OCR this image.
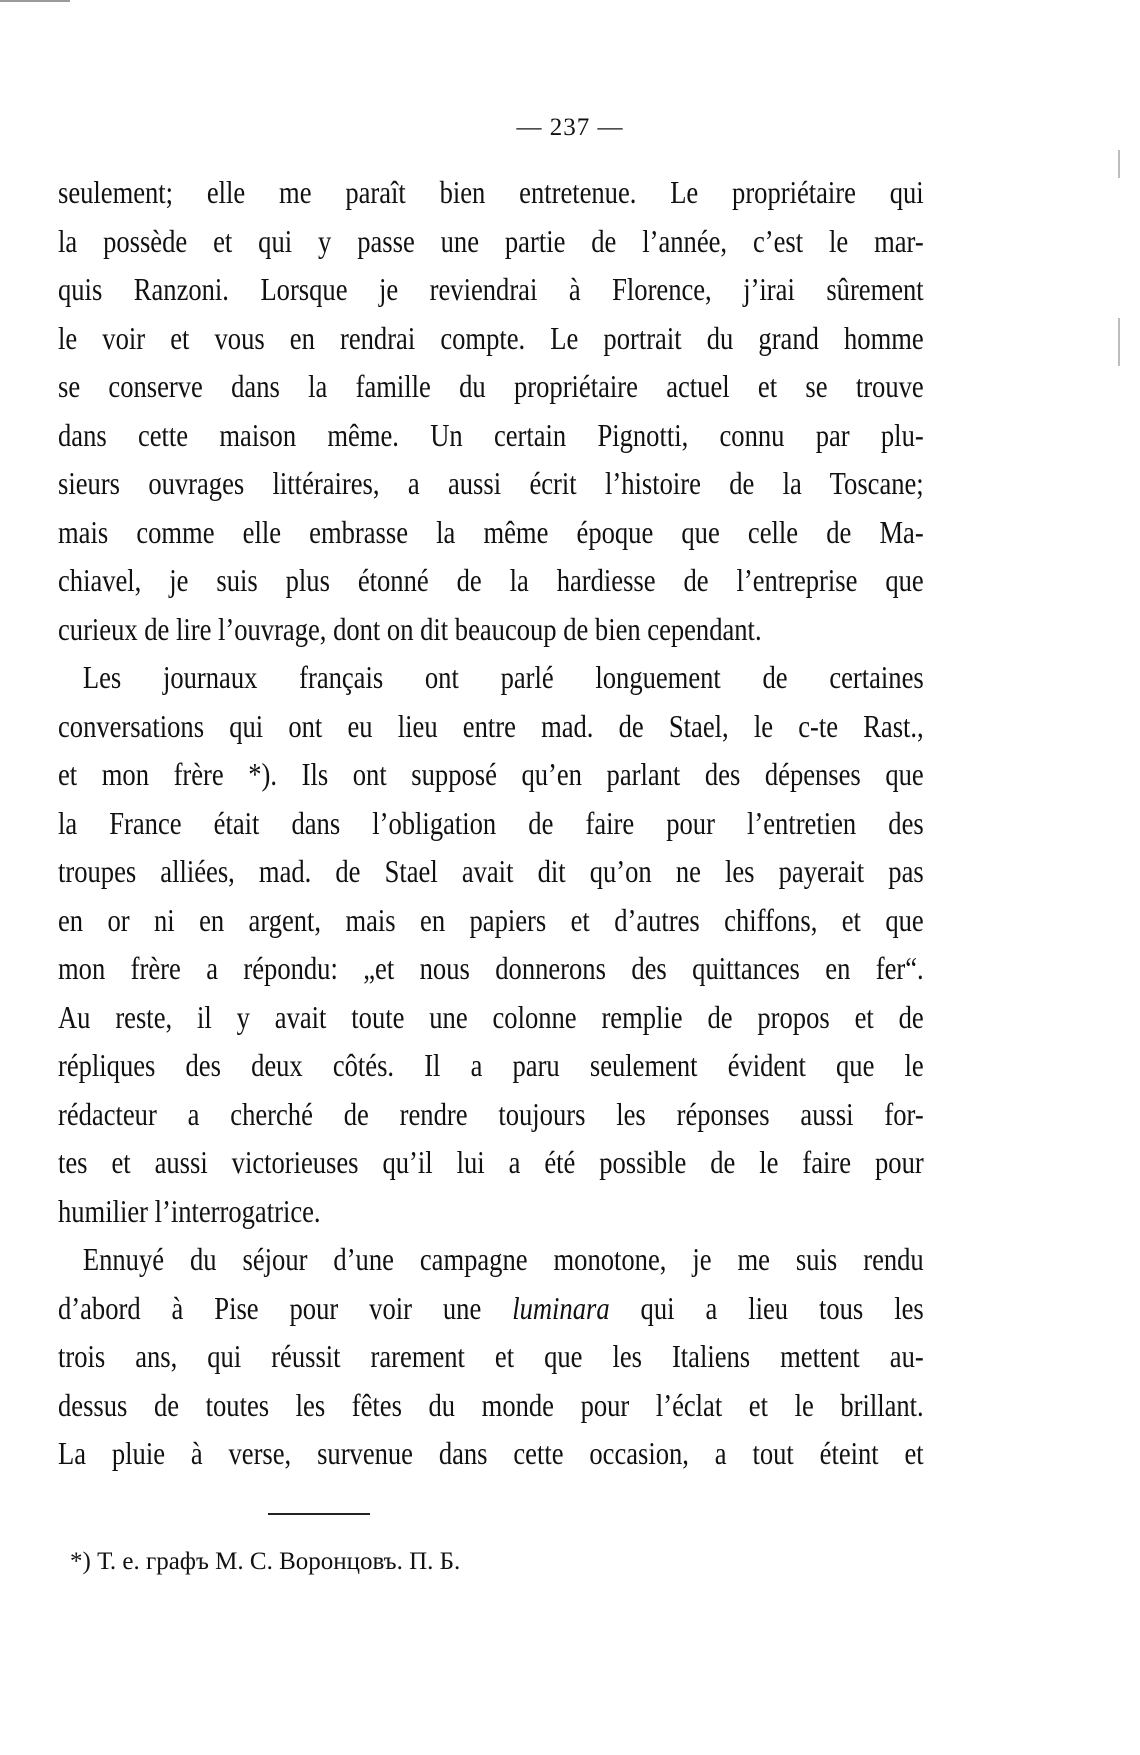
— 237 —
seulement; elle me paraît bien entretenue. Le propriétaire qui
la possède et qui y passe une partie de l’année, c’est le mar-
quis Ranzoni. Lorsque je reviendrai à Florence, j’irai sûrement
le voir et vous en rendrai compte. Le portrait du grand homme
se conserve dans la famille du propriétaire actuel et se trouve
dans cette maison même. Un certain Pignotti, connu par plu-
sieurs ouvrages littéraires, a aussi écrit l’histoire de la Toscane;
mais comme elle embrasse la même époque que celle de Ma-
chiavel, je suis plus étonné de la hardiesse de l’entreprise que
curieux de lire l’ouvrage, dont on dit beaucoup de bien cependant.
Les journaux français ont parlé longuement de certaines
conversations qui ont eu lieu entre mad. de Stael, le c-te Rast.,
et mon frère *). Ils ont supposé qu’en parlant des dépenses que
la France était dans l’obligation de faire pour l’entretien des
troupes alliées, mad. de Stael avait dit qu’on ne les payerait pas
en or ni en argent, mais en papiers et d’autres chiffons, et que
mon frère a répondu: „et nous donnerons des quittances en fer“.
Au reste, il y avait toute une colonne remplie de propos et de
répliques des deux côtés. Il a paru seulement évident que le
rédacteur a cherché de rendre toujours les réponses aussi for-
tes et aussi victorieuses qu’il lui a été possible de le faire pour
humilier l’interrogatrice.
Ennuyé du séjour d’une campagne monotone, je me suis rendu
d’abord à Pise pour voir une luminara qui a lieu tous les
trois ans, qui réussit rarement et que les Italiens mettent au-
dessus de toutes les fêtes du monde pour l’éclat et le brillant.
La pluie à verse, survenue dans cette occasion, a tout éteint et
*) Т. е. графъ М. С. Воронцовъ. П. Б.
